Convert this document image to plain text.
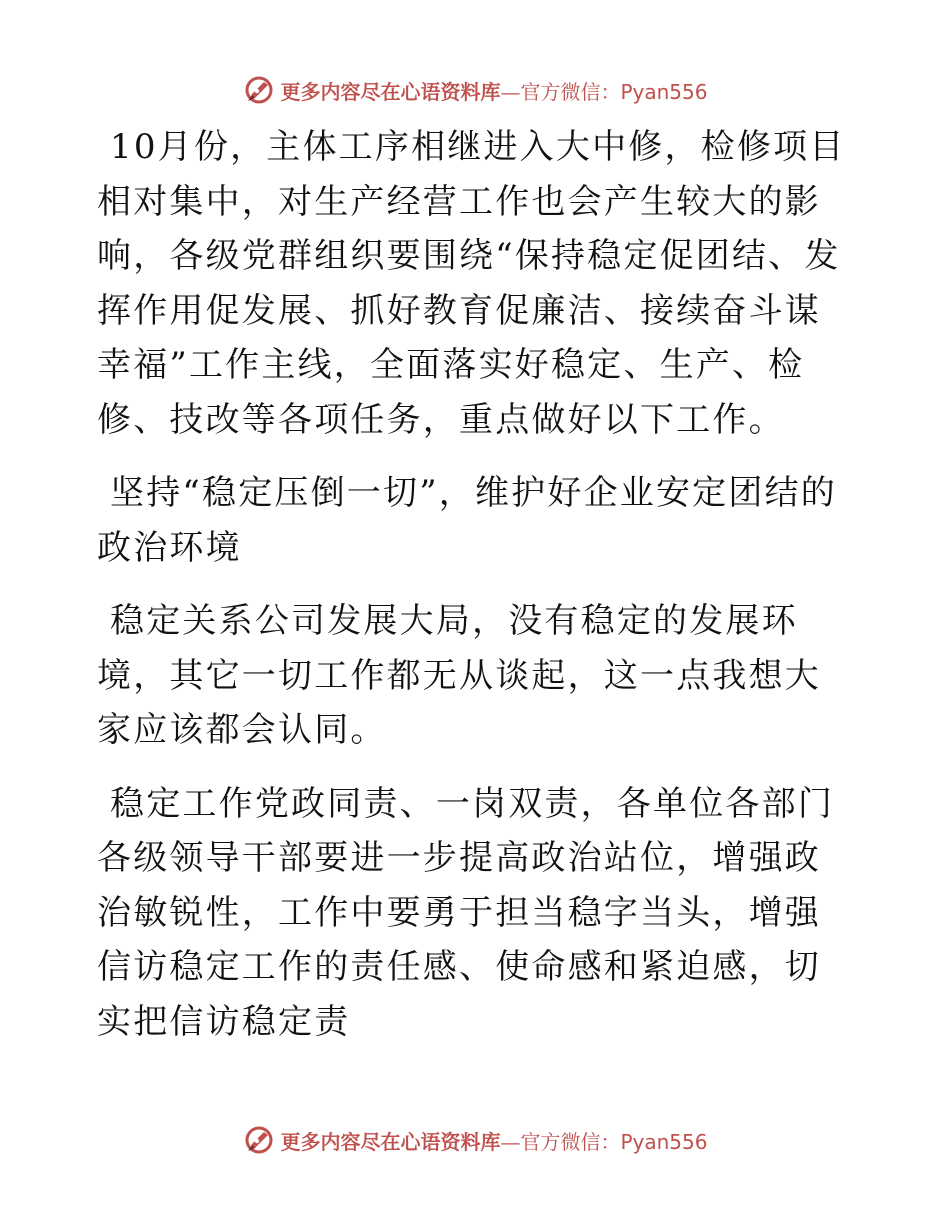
更多内容尽在心语资料库—官方微信：Pyan556

10月份，主体工序相继进入大中修，检修项目相对集中，对生产经营工作也会产生较大的影响，各级党群组织要围绕“保持稳定促团结、发挥作用促发展、抓好教育促廉洁、接续奋斗谋幸福”工作主线，全面落实好稳定、生产、检修、技改等各项任务，重点做好以下工作。

坚持“稳定压倒一切”，维护好企业安定团结的政治环境

稳定关系公司发展大局，没有稳定的发展环境，其它一切工作都无从谈起，这一点我想大家应该都会认同。

稳定工作党政同责、一岗双责，各单位各部门各级领导干部要进一步提高政治站位，增强政治敏锐性，工作中要勇于担当稳字当头，增强信访稳定工作的责任感、使命感和紧迫感，切实把信访稳定责

更多内容尽在心语资料库—官方微信：Pyan556
